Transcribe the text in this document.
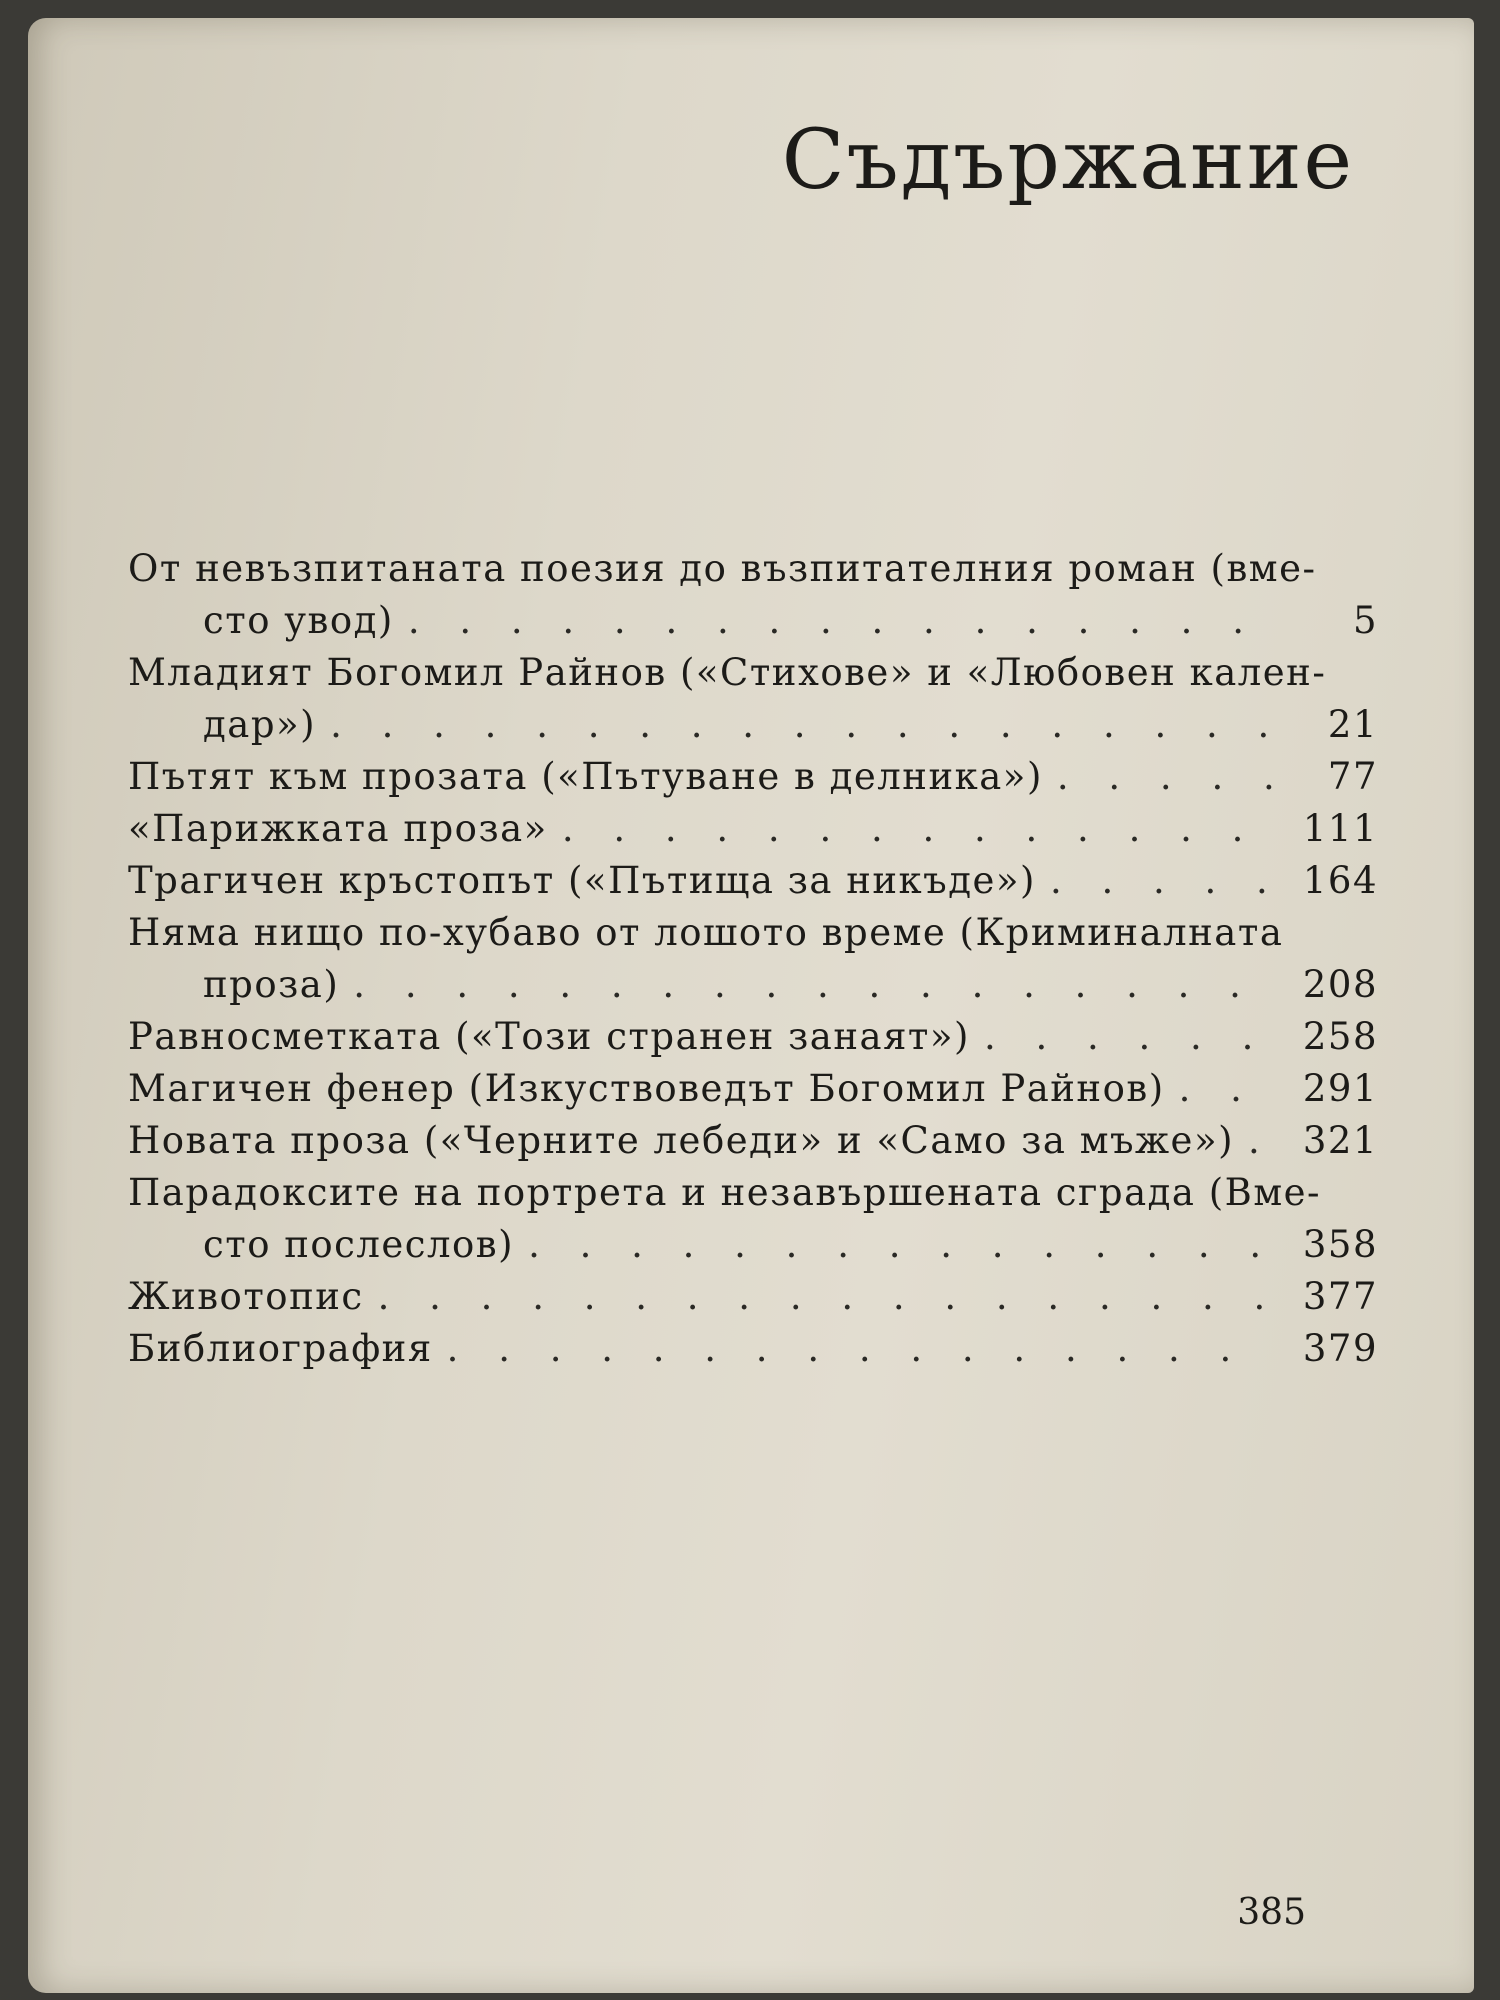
Съдържание
От невъзпитаната поезия до възпитателния роман (вме-
сто увод) . . .	5
Младият Богомил Райнов («Стихове» и «Любовен кален-
дар») . . .	21
Пътят към прозата («Пътуване в делника») . . .	77
«Парижката проза» . . .	111
Трагичен кръстопът («Пътища за никъде») . . .	164
Няма нищо по-хубаво от лошото време (Криминалната
проза) . . .	208
Равносметката («Този странен занаят») . . .	258
Магичен фенер (Изкуствоведът Богомил Райнов) . . .	291
Новата проза («Черните лебеди» и «Само за мъже») . . .	321
Парадоксите на портрета и незавършената сграда (Вме-
сто послeслов) . . .	358
Животопис . . .	377
Библиография . . .	379
385
